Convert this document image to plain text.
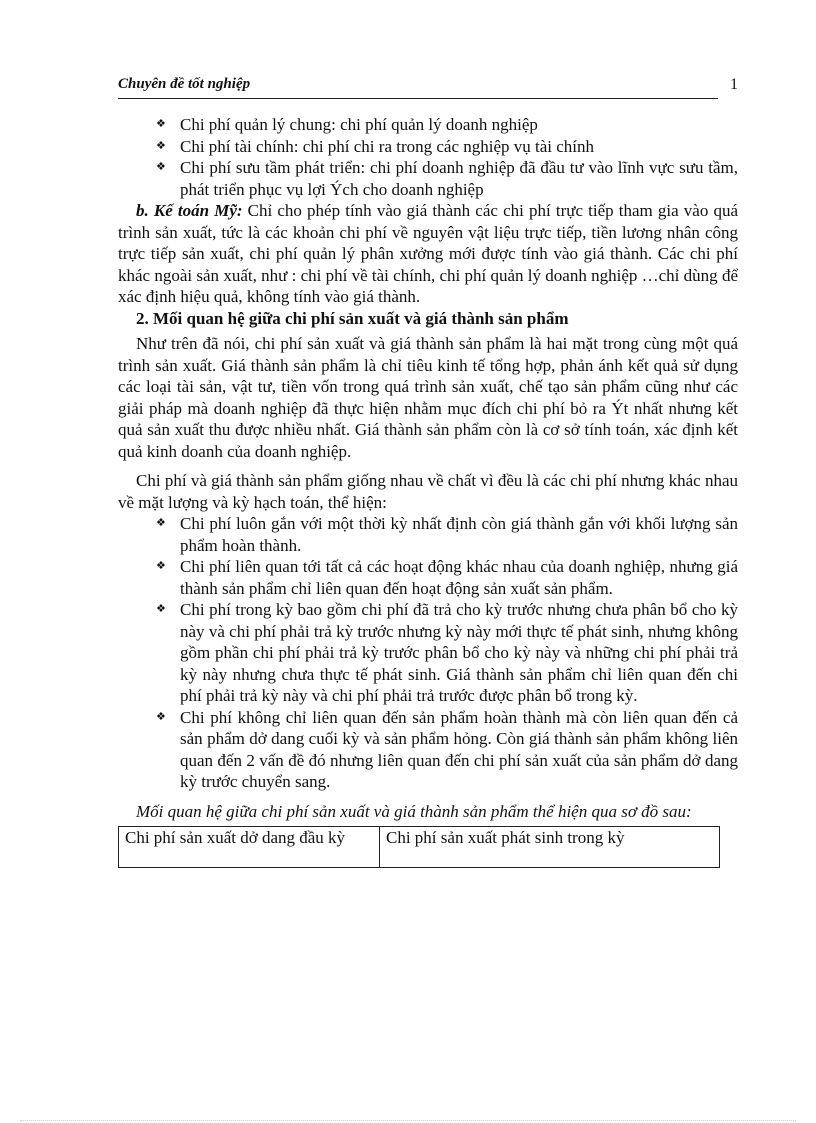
Chuyên đề tốt nghiệp	1
❖ Chi phí quản lý chung: chi phí quản lý doanh nghiệp
❖ Chi phí tài chính: chi phí chi ra trong các nghiệp vụ tài chính
❖ Chi phí sưu tầm phát triển: chi phí doanh nghiệp đã đầu tư vào lĩnh vực sưu tầm, phát triển phục vụ lợi Ých cho doanh nghiệp

b. Kế toán Mỹ: Chỉ cho phép tính vào giá thành các chi phí trực tiếp tham gia vào quá trình sản xuất, tức là các khoản chi phí về nguyên vật liệu trực tiếp, tiền lương nhân công trực tiếp sản xuất, chi phí quản lý phân xưởng mới được tính vào giá thành. Các chi phí khác ngoài sản xuất, như : chi phí về tài chính, chi phí quản lý doanh nghiệp …chỉ dùng để xác định hiệu quả, không tính vào giá thành.

2. Mối quan hệ giữa chi phí sản xuất và giá thành sản phẩm

Như trên đã nói, chi phí sản xuất và giá thành sản phẩm là hai mặt trong cùng một quá trình sản xuất. Giá thành sản phẩm là chỉ tiêu kinh tế tổng hợp, phản ánh kết quả sử dụng các loại tài sản, vật tư, tiền vốn trong quá trình sản xuất, chế tạo sản phẩm cũng như các giải pháp mà doanh nghiệp đã thực hiện nhằm mục đích chi phí bỏ ra Ýt nhất nhưng kết quả sản xuất thu được nhiều nhất. Giá thành sản phẩm còn là cơ sở tính toán, xác định kết quả kinh doanh của doanh nghiệp.

Chi phí và giá thành sản phẩm giống nhau về chất vì đều là các chi phí nhưng khác nhau về mặt lượng và kỳ hạch toán, thể hiện:

❖ Chi phí luôn gắn với một thời kỳ nhất định còn giá thành gắn với khối lượng sản phẩm hoàn thành.
❖ Chi phí liên quan tới tất cả các hoạt động khác nhau của doanh nghiệp, nhưng giá thành sản phẩm chỉ liên quan đến hoạt động sản xuất sản phẩm.
❖ Chi phí trong kỳ bao gồm chi phí đã trả cho kỳ trước nhưng chưa phân bổ cho kỳ này và chi phí phải trả kỳ trước nhưng kỳ này mới thực tế phát sinh, nhưng không gồm phần chi phí phải trả kỳ trước phân bổ cho kỳ này và những chi phí phải trả kỳ này nhưng chưa thực tế phát sinh. Giá thành sản phẩm chỉ liên quan đến chi phí phải trả kỳ này và chi phí phải trả trước được phân bổ trong kỳ.
❖ Chi phí không chỉ liên quan đến sản phẩm hoàn thành mà còn liên quan đến cả sản phẩm dở dang cuối kỳ và sản phẩm hỏng. Còn giá thành sản phẩm không liên quan đến 2 vấn đề đó nhưng liên quan đến chi phí sản xuất của sản phẩm dở dang kỳ trước chuyển sang.

Mối quan hệ giữa chi phí sản xuất và giá thành sản phẩm thể hiện qua sơ đồ sau:

Chi phí sản xuất dở dang đầu kỳ	Chi phí sản xuất phát sinh trong kỳ
